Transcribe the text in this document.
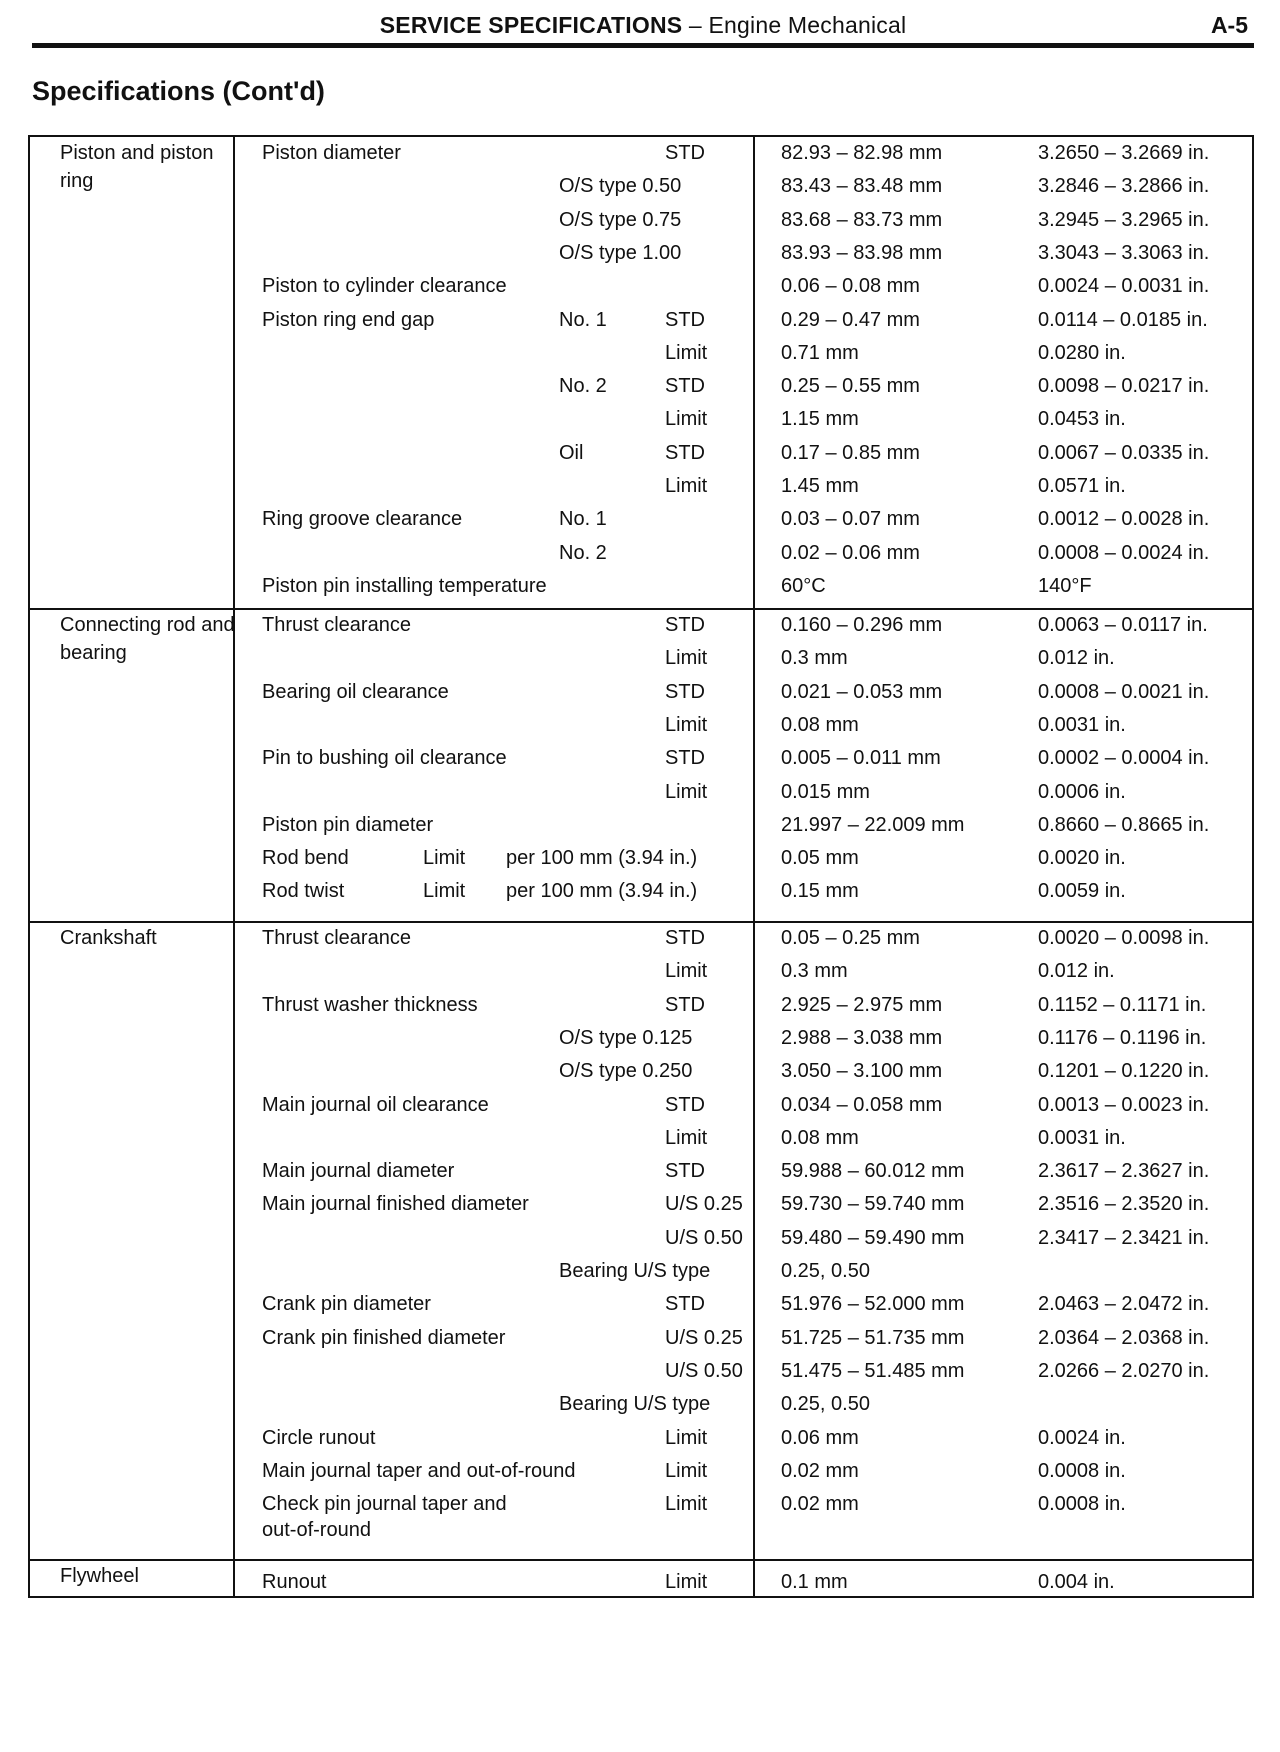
SERVICE SPECIFICATIONS – Engine Mechanical	A-5
Specifications (Cont'd)
Piston and piston ring
Piston diameter	STD	82.93 – 82.98 mm	3.2650 – 3.2669 in.
O/S type 0.50	83.43 – 83.48 mm	3.2846 – 3.2866 in.
O/S type 0.75	83.68 – 83.73 mm	3.2945 – 3.2965 in.
O/S type 1.00	83.93 – 83.98 mm	3.3043 – 3.3063 in.
Piston to cylinder clearance	0.06 – 0.08 mm	0.0024 – 0.0031 in.
Piston ring end gap	No. 1	STD	0.29 – 0.47 mm	0.0114 – 0.0185 in.
Limit	0.71 mm	0.0280 in.
No. 2	STD	0.25 – 0.55 mm	0.0098 – 0.0217 in.
Limit	1.15 mm	0.0453 in.
Oil	STD	0.17 – 0.85 mm	0.0067 – 0.0335 in.
Limit	1.45 mm	0.0571 in.
Ring groove clearance	No. 1	0.03 – 0.07 mm	0.0012 – 0.0028 in.
No. 2	0.02 – 0.06 mm	0.0008 – 0.0024 in.
Piston pin installing temperature	60°C	140°F
Connecting rod and bearing
Thrust clearance	STD	0.160 – 0.296 mm	0.0063 – 0.0117 in.
Limit	0.3 mm	0.012 in.
Bearing oil clearance	STD	0.021 – 0.053 mm	0.0008 – 0.0021 in.
Limit	0.08 mm	0.0031 in.
Pin to bushing oil clearance	STD	0.005 – 0.011 mm	0.0002 – 0.0004 in.
Limit	0.015 mm	0.0006 in.
Piston pin diameter	21.997 – 22.009 mm	0.8660 – 0.8665 in.
Rod bend	Limit per 100 mm (3.94 in.)	0.05 mm	0.0020 in.
Rod twist	Limit per 100 mm (3.94 in.)	0.15 mm	0.0059 in.
Crankshaft	Thrust clearance	STD	0.05 – 0.25 mm	0.0020 – 0.0098 in.
Limit	0.3 mm	0.012 in.
Thrust washer thickness	STD	2.925 – 2.975 mm	0.1152 – 0.1171 in.
O/S type 0.125	2.988 – 3.038 mm	0.1176 – 0.1196 in.
O/S type 0.250	3.050 – 3.100 mm	0.1201 – 0.1220 in.
Main journal oil clearance	STD	0.034 – 0.058 mm	0.0013 – 0.0023 in.
Limit	0.08 mm	0.0031 in.
Main journal diameter	STD	59.988 – 60.012 mm	2.3617 – 2.3627 in.
Main journal finished diameter	U/S 0.25 59.730 – 59.740 mm	2.3516 – 2.3520 in.
U/S 0.50 59.480 – 59.490 mm	2.3417 – 2.3421 in.
Bearing U/S type	0.25, 0.50
Crank pin diameter	STD	51.976 – 52.000 mm	2.0463 – 2.0472 in.
Crank pin finished diameter	U/S 0.25 51.725 – 51.735 mm	2.0364 – 2.0368 in.
U/S 0.50 51.475 – 51.485 mm	2.0266 – 2.0270 in.
Bearing U/S type	0.25, 0.50
Circle runout	Limit	0.06 mm	0.0024 in.
Main journal taper and out-of-round	Limit	0.02 mm	0.0008 in.
Check pin journal taper and
out-of-round
Limit	0.02 mm	0.0008 in.
Flywheel	Runout	Limit	0.1 mm	0.004 in.
